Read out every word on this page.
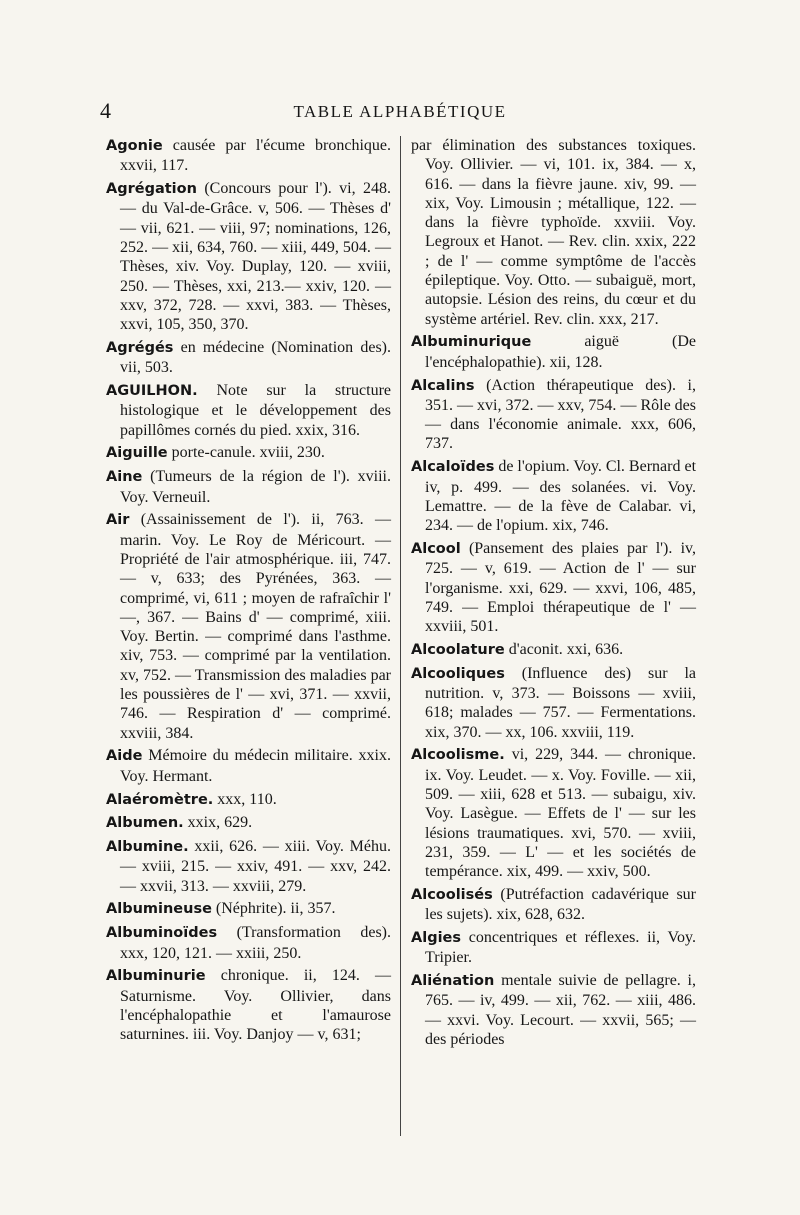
4	TABLE ALPHABÉTIQUE

Agonie causée par l'écume bronchique. xxvii, 117.

Agrégation (Concours pour l'). vi, 248. — du Val-de-Grâce. v, 506. — Thèses d' — vii, 621. — viii, 97; nominations, 126, 252. — xii, 634, 760. — xiii, 449, 504. — Thèses, xiv. Voy. Duplay, 120. — xviii, 250. — Thèses, xxi, 213.— xxiv, 120. — xxv, 372, 728. — xxvi, 383. — Thèses, xxvi, 105, 350, 370.

Agrégés en médecine (Nomination des). vii, 503.

AGUILHON. Note sur la structure histologique et le développement des papillômes cornés du pied. xxix, 316.

Aiguille porte-canule. xviii, 230.

Aine (Tumeurs de la région de l'). xviii. Voy. Verneuil.

Air (Assainissement de l'). ii, 763. — marin. Voy. Le Roy de Méricourt. — Propriété de l'air atmosphérique. iii, 747. — v, 633; des Pyrénées, 363. — comprimé, vi, 611 ; moyen de rafraîchir l' —, 367. — Bains d' — comprimé, xiii. Voy. Bertin. — comprimé dans l'asthme. xiv, 753. — comprimé par la ventilation. xv, 752. — Transmission des maladies par les poussières de l' — xvi, 371. — xxvii, 746. — Respiration d' — comprimé. xxviii, 384.

Aide Mémoire du médecin militaire. xxix. Voy. Hermant.

Alaéromètre. xxx, 110.

Albumen. xxix, 629.

Albumine. xxii, 626. — xiii. Voy. Méhu. — xviii, 215. — xxiv, 491. — xxv, 242. — xxvii, 313. — xxviii, 279.

Albumineuse (Néphrite). ii, 357.

Albuminoïdes (Transformation des). xxx, 120, 121. — xxiii, 250.

Albuminurie chronique. ii, 124. — Saturnisme. Voy. Ollivier, dans l'encéphalopathie et l'amaurose saturnines. iii. Voy. Danjoy — v, 631;

par élimination des substances toxiques. Voy. Ollivier. — vi, 101. ix, 384. — x, 616. — dans la fièvre jaune. xiv, 99. — xix, Voy. Limousin ; métallique, 122. — dans la fièvre typhoïde. xxviii. Voy. Legroux et Hanot. — Rev. clin. xxix, 222 ; de l' — comme symptôme de l'accès épileptique. Voy. Otto. — subaiguë, mort, autopsie. Lésion des reins, du cœur et du système artériel. Rev. clin. xxx, 217.

Albuminurique	aiguë (De l'encéphalopathie). xii, 128.

Alcalins (Action thérapeutique des). i, 351. — xvi, 372. — xxv, 754. — Rôle des — dans l'économie animale. xxx, 606, 737.

Alcaloïdes de l'opium. Voy. Cl. Bernard et iv, p. 499. — des solanées. vi. Voy. Lemattre. — de la fève de Calabar. vi, 234. — de l'opium. xix, 746.

Alcool (Pansement des plaies par l'). iv, 725. — v, 619. — Action de l' — sur l'organisme. xxi, 629. — xxvi, 106, 485, 749. — Emploi thérapeutique de l' — xxviii, 501.

Alcoolature d'aconit. xxi, 636.

Alcooliques (Influence des) sur la nutrition. v, 373. — Boissons — xviii, 618; malades — 757. — Fermentations. xix, 370. — xx, 106. xxviii, 119.

Alcoolisme. vi, 229, 344. — chronique. ix. Voy. Leudet. — x. Voy. Foville. — xii, 509. — xiii, 628 et 513. — subaigu, xiv. Voy. Lasègue. — Effets de l' — sur les lésions traumatiques. xvi, 570. — xviii, 231, 359. — L' — et les sociétés de tempérance. xix, 499. — xxiv, 500.

Alcoolisés (Putréfaction cadavérique sur les sujets). xix, 628, 632.

Algies concentriques et réflexes. ii, Voy. Tripier.

Aliénation mentale suivie de pellagre. i, 765. — iv, 499. — xii, 762. — xiii, 486. — xxvi. Voy. Lecourt. — xxvii, 565; — des périodes
